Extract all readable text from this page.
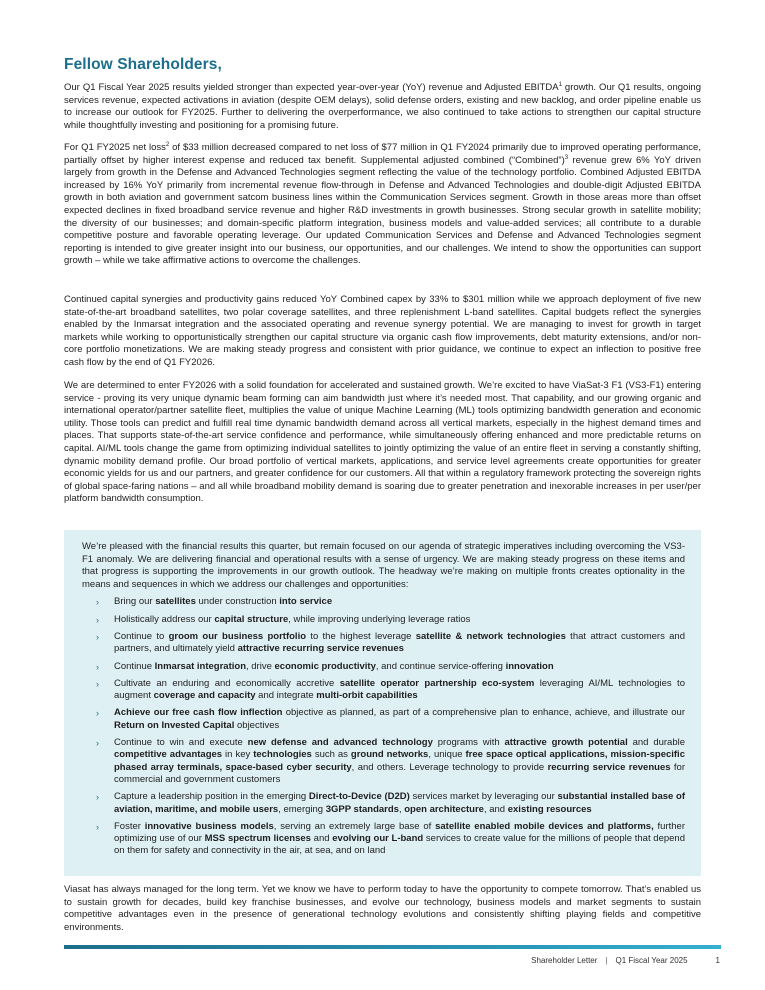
Fellow Shareholders,

Our Q1 Fiscal Year 2025 results yielded stronger than expected year-over-year (YoY) revenue and Adjusted EBITDA$^1$ growth. Our Q1 results, ongoing services revenue, expected activations in aviation (despite OEM delays), solid defense orders, existing and new backlog, and order pipeline enable us to increase our outlook for FY2025. Further to delivering the overperformance, we also continued to take actions to strengthen our capital structure while thoughtfully investing and positioning for a promising future.

For Q1 FY2025 net loss$^2$ of $33 million decreased compared to net loss of $77 million in Q1 FY2024 primarily due to improved operating performance, partially offset by higher interest expense and reduced tax benefit. Supplemental adjusted combined (“Combined”)$^3$ revenue grew 6% YoY driven largely from growth in the Defense and Advanced Technologies segment reflecting the value of the technology portfolio. Combined Adjusted EBITDA increased by 16% YoY primarily from incremental revenue flow-through in Defense and Advanced Technologies and double-digit Adjusted EBITDA growth in both aviation and government satcom business lines within the Communication Services segment. Growth in those areas more than offset expected declines in fixed broadband service revenue and higher R&D investments in growth businesses. Strong secular growth in satellite mobility; the diversity of our businesses; and domain-specific platform integration, business models and value-added services; all contribute to a durable competitive posture and favorable operating leverage. Our updated Communication Services and Defense and Advanced Technologies segment reporting is intended to give greater insight into our business, our opportunities, and our challenges. We intend to show the opportunities can support growth – while we take affirmative actions to overcome the challenges.

Continued capital synergies and productivity gains reduced YoY Combined capex by 33% to $301 million while we approach deployment of five new state-of-the-art broadband satellites, two polar coverage satellites, and three replenishment L-band satellites. Capital budgets reflect the synergies enabled by the Inmarsat integration and the associated operating and revenue synergy potential. We are managing to invest for growth in target markets while working to opportunistically strengthen our capital structure via organic cash flow improvements, debt maturity extensions, and/or non-core portfolio monetizations. We are making steady progress and consistent with prior guidance, we continue to expect an inflection to positive free cash flow by the end of Q1 FY2026.

We are determined to enter FY2026 with a solid foundation for accelerated and sustained growth. We’re excited to have ViaSat-3 F1 (VS3-F1) entering service - proving its very unique dynamic beam forming can aim bandwidth just where it’s needed most. That capability, and our growing organic and international operator/partner satellite fleet, multiplies the value of unique Machine Learning (ML) tools optimizing bandwidth generation and economic utility. Those tools can predict and fulfill real time dynamic bandwidth demand across all vertical markets, especially in the highest demand times and places. That supports state-of-the-art service confidence and performance, while simultaneously offering enhanced and more predictable returns on capital. AI/ML tools change the game from optimizing individual satellites to jointly optimizing the value of an entire fleet in serving a constantly shifting, dynamic mobility demand profile. Our broad portfolio of vertical markets, applications, and service level agreements create opportunities for greater economic yields for us and our partners, and greater confidence for our customers. All that within a regulatory framework protecting the sovereign rights of global space-faring nations – and all while broadband mobility demand is soaring due to greater penetration and inexorable increases in per user/per platform bandwidth consumption.

We’re pleased with the financial results this quarter, but remain focused on our agenda of strategic imperatives including overcoming the VS3-F1 anomaly. We are delivering financial and operational results with a sense of urgency. We are making steady progress on these items and that progress is supporting the improvements in our growth outlook. The headway we’re making on multiple fronts creates optionality in the means and sequences in which we address our challenges and opportunities:

› Bring our satellites under construction into service
› Holistically address our capital structure, while improving underlying leverage ratios
› Continue to groom our business portfolio to the highest leverage satellite & network technologies that attract customers and partners, and ultimately yield attractive recurring service revenues
› Continue Inmarsat integration, drive economic productivity, and continue service-offering innovation
› Cultivate an enduring and economically accretive satellite operator partnership eco-system leveraging AI/ML technologies to augment coverage and capacity and integrate multi-orbit capabilities
› Achieve our free cash flow inflection objective as planned, as part of a comprehensive plan to enhance, achieve, and illustrate our Return on Invested Capital objectives
› Continue to win and execute new defense and advanced technology programs with attractive growth potential and durable competitive advantages in key technologies such as ground networks, unique free space optical applications, mission-specific phased array terminals, space-based cyber security, and others. Leverage technology to provide recurring service revenues for commercial and government customers
› Capture a leadership position in the emerging Direct-to-Device (D2D) services market by leveraging our substantial installed base of aviation, maritime, and mobile users, emerging 3GPP standards, open architecture, and existing resources
› Foster innovative business models, serving an extremely large base of satellite enabled mobile devices and platforms, further optimizing use of our MSS spectrum licenses and evolving our L-band services to create value for the millions of people that depend on them for safety and connectivity in the air, at sea, and on land

Viasat has always managed for the long term. Yet we know we have to perform today to have the opportunity to compete tomorrow. That’s enabled us to sustain growth for decades, build key franchise businesses, and evolve our technology, business models and market segments to sustain competitive advantages even in the presence of generational technology evolutions and consistently shifting playing fields and competitive environments.

Shareholder Letter | Q1 Fiscal Year 2025	1
